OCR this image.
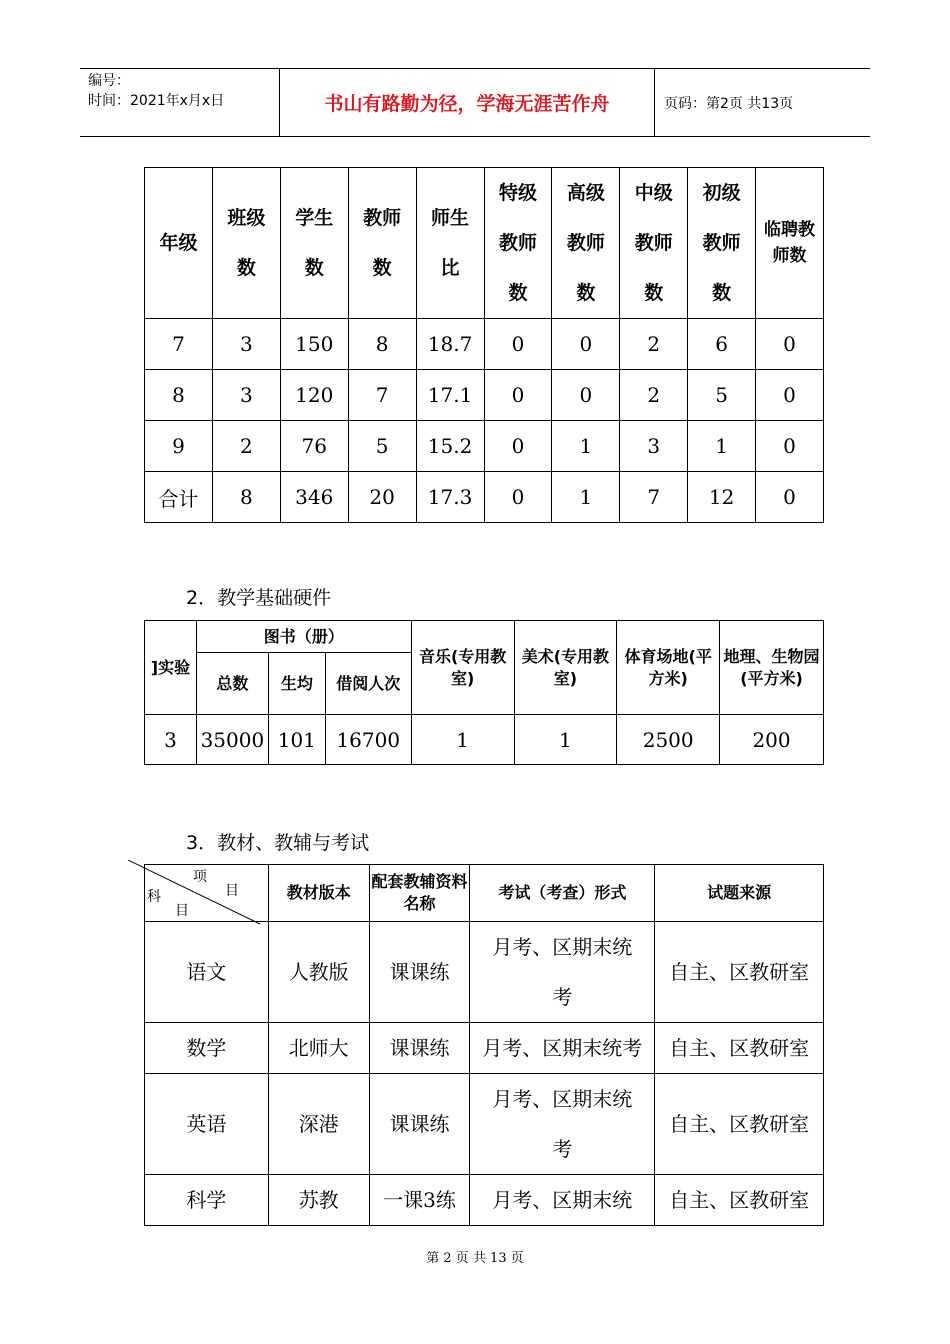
编号：
时间：2021年x月x日	书山有路勤为径，学海无涯苦作舟	页码：第2页 共13页
年级	班级数	学生数	教师数	师生比	特级教师数	高级教师数	中级教师数	初级教师数	临聘教师数
7	3	150	8	18.7	0	0	2	6	0
8	3	120	7	17.1	0	0	2	5	0
9	2	76	5	15.2	0	1	3	1	0
合计	8	346	20	17.3	0	1	7	12	0
2．教学基础硬件
]实验	图书（册）			音乐(专用教室)	美术(专用教室)	体育场地(平方米)	地理、生物园(平方米)
	总数	生均	借阅人次				
3	35000	101	16700	1	1	2500	200
3．教材、教辅与考试
项
目
科
目	教材版本	配套教辅资料名称	考试（考查）形式	试题来源
语文	人教版	课课练	月考、区期末统考	自主、区教研室
数学	北师大	课课练	月考、区期末统考	自主、区教研室
英语	深港	课课练	月考、区期末统考	自主、区教研室
科学	苏教	一课3练	月考、区期末统	自主、区教研室
第 2 页 共 13 页
